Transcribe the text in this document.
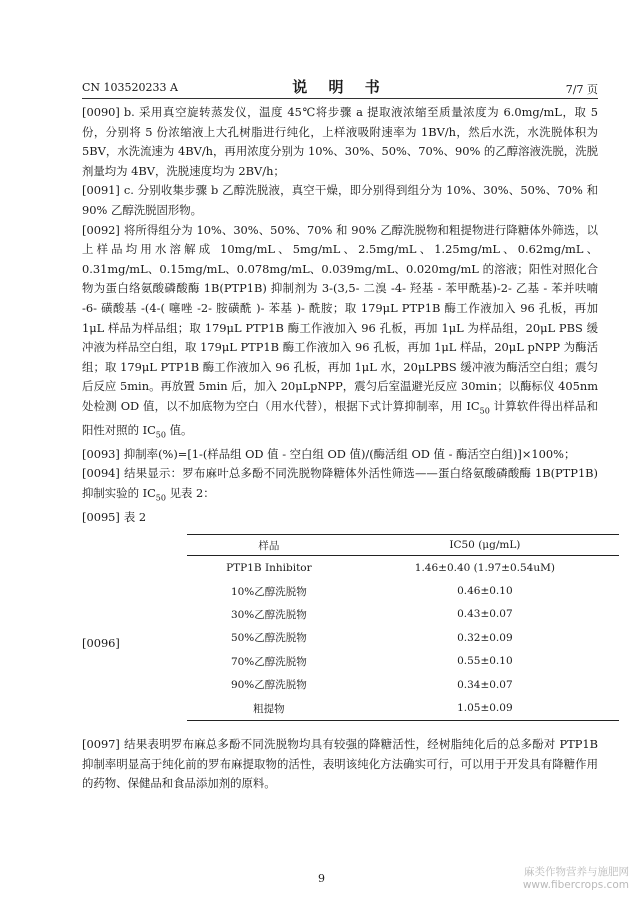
CN 103520233 A	说 明 书	7/7 页

[0090] b. 采用真空旋转蒸发仪，温度 45℃将步骤 a 提取液浓缩至质量浓度为 6.0mg/mL，取 5 份，分别将 5 份浓缩液上大孔树脂进行纯化，上样液吸附速率为 1BV/h，然后水洗，水洗脱体积为 5BV，水洗流速为 4BV/h，再用浓度分别为 10%、30%、50%、70%、90% 的乙醇溶液洗脱，洗脱剂量均为 4BV，洗脱速度均为 2BV/h；

[0091] c. 分别收集步骤 b 乙醇洗脱液，真空干燥，即分别得到组分为 10%、30%、50%、70% 和 90% 乙醇洗脱固形物。

[0092] 将所得组分为 10%、30%、50%、70% 和 90% 乙醇洗脱物和粗提物进行降糖体外筛选，以上样品均用水溶解成 10mg/mL、5mg/mL、2.5mg/mL、1.25mg/mL、0.62mg/mL、0.31mg/mL、0.15mg/mL、0.078mg/mL、0.039mg/mL、0.020mg/mL 的溶液；阳性对照化合物为蛋白络氨酸磷酸酶 1B(PTP1B) 抑制剂为 3-(3,5- 二溴 -4- 羟基 - 苯甲酰基)-2- 乙基 - 苯并呋喃 -6- 磺酸基 -(4-( 噻唑 -2- 胺磺酰 )- 苯基 )- 酰胺；取 179μL PTP1B 酶工作液加入 96 孔板，再加 1μL 样品为样品组；取 179μL PTP1B 酶工作液加入 96 孔板，再加 1μL 为样品组，20μL PBS 缓冲液为样品空白组，取 179μL PTP1B 酶工作液加入 96 孔板，再加 1μL 样品，20μL pNPP 为酶活组；取 179μL PTP1B 酶工作液加入 96 孔板，再加 1μL 水，20μLPBS 缓冲液为酶活空白组；震匀后反应 5min。再放置 5min 后，加入 20μLpNPP，震匀后室温避光反应 30min；以酶标仪 405nm 处检测 OD 值，以不加底物为空白（用水代替），根据下式计算抑制率，用 $IC_{50}$ 计算软件得出样品和阳性对照的 $IC_{50}$ 值。

[0093] 抑制率(%)=[1-(样品组 OD 值 - 空白组 OD 值)/(酶活组 OD 值 - 酶活空白组)]×100%；

[0094] 结果显示：罗布麻叶总多酚不同洗脱物降糖体外活性筛选——蛋白络氨酸磷酸酶 1B(PTP1B) 抑制实验的 $IC_{50}$ 见表 2：

[0095] 表 2

[0096]
样品	IC50 (μg/mL)
PTP1B Inhibitor	1.46±0.40 (1.97±0.54uM)
10%乙醇洗脱物	0.46±0.10
30%乙醇洗脱物	0.43±0.07
50%乙醇洗脱物	0.32±0.09
70%乙醇洗脱物	0.55±0.10
90%乙醇洗脱物	0.34±0.07
粗提物	1.05±0.09

[0097] 结果表明罗布麻总多酚不同洗脱物均具有较强的降糖活性，经树脂纯化后的总多酚对 PTP1B 抑制率明显高于纯化前的罗布麻提取物的活性，表明该纯化方法确实可行，可以用于开发具有降糖作用的药物、保健品和食品添加剂的原料。

9	麻类作物营养与施肥网
www.fibercrops.com
